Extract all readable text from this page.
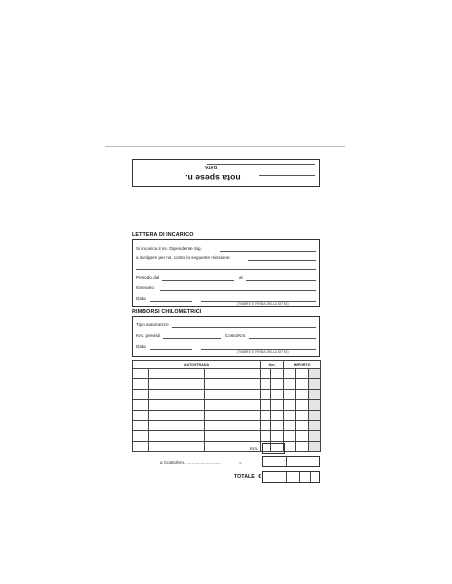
nota spese n.
DATA
LETTERA DI INCARICO
Si incarica il ns. Dipendente Sig.
a svolgere per ns. conto la seguente missione:
Periodo dal	al
Itinerario
Data
(TIMBRO E FIRMA DELLA DITTA)
RIMBORSI CHILOMETRICI
Tipo automezzo
Km. previsti	Costo/Km.
Data
(TIMBRO E FIRMA DELLA DITTA)
AUTOSTRADA			Km.		IMPORTO		

Km.
a Costo/Km. ...........................	=	·
TOTALE €
